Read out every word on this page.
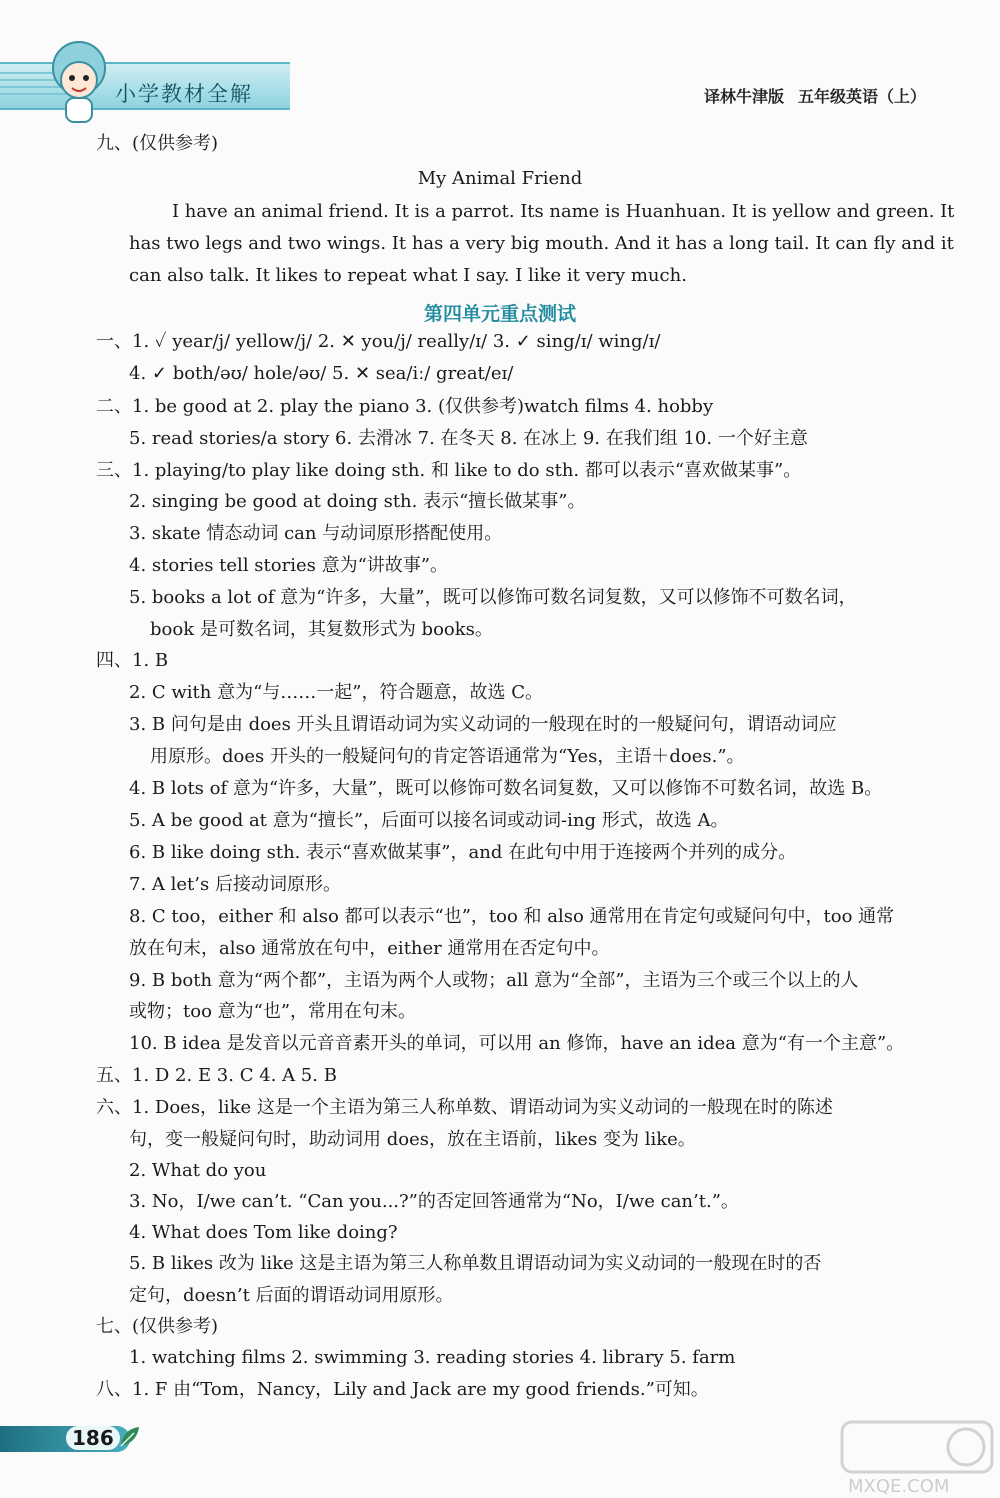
小学教材全解	译林牛津版 五年级英语（上）
九、(仅供参考)
My Animal Friend
I have an animal friend. It is a parrot. Its name is Huanhuan. It is yellow and green. It
has two legs and two wings. It has a very big mouth. And it has a long tail. It can fly and it
can also talk. It likes to repeat what I say. I like it very much.
第四单元重点测试
一、1. ✓ year/j/ yellow/j/ 2. ✕ you/j/ really/ɪ/ 3. ✓ sing/ɪ/ wing/ɪ/
4. ✓ both/əʊ/ hole/əʊ/ 5. ✕ sea/iː/ great/eɪ/
二、1. be good at 2. play the piano 3. (仅供参考)watch films 4. hobby
5. read stories/a story 6. 去滑冰 7. 在冬天 8. 在冰上 9. 在我们组 10. 一个好主意
三、1. playing/to play like doing sth. 和 like to do sth. 都可以表示“喜欢做某事”。
2. singing be good at doing sth. 表示“擅长做某事”。
3. skate 情态动词 can 与动词原形搭配使用。
4. stories tell stories 意为“讲故事”。
5. books a lot of 意为“许多，大量”，既可以修饰可数名词复数，又可以修饰不可数名词，
book 是可数名词，其复数形式为 books。
四、1. B
2. C with 意为“与……一起”，符合题意，故选 C。
3. B 问句是由 does 开头且谓语动词为实义动词的一般现在时的一般疑问句，谓语动词应
用原形。does 开头的一般疑问句的肯定答语通常为“Yes，主语＋does.”。
4. B lots of 意为“许多，大量”，既可以修饰可数名词复数，又可以修饰不可数名词，故选 B。
5. A be good at 意为“擅长”，后面可以接名词或动词-ing 形式，故选 A。
6. B like doing sth. 表示“喜欢做某事”，and 在此句中用于连接两个并列的成分。
7. A let’s 后接动词原形。
8. C too，either 和 also 都可以表示“也”，too 和 also 通常用在肯定句或疑问句中，too 通常
放在句末，also 通常放在句中，either 通常用在否定句中。
9. B both 意为“两个都”，主语为两个人或物；all 意为“全部”，主语为三个或三个以上的人
或物；too 意为“也”，常用在句末。
10. B idea 是发音以元音音素开头的单词，可以用 an 修饰，have an idea 意为“有一个主意”。
五、1. D 2. E 3. C 4. A 5. B
六、1. Does，like 这是一个主语为第三人称单数、谓语动词为实义动词的一般现在时的陈述
句，变一般疑问句时，助动词用 does，放在主语前，likes 变为 like。
2. What do you
3. No，I/we can’t. “Can you...?”的否定回答通常为“No，I/we can’t.”。
4. What does Tom like doing?
5. B likes 改为 like 这是主语为第三人称单数且谓语动词为实义动词的一般现在时的否
定句，doesn’t 后面的谓语动词用原形。
七、(仅供参考)
1. watching films 2. swimming 3. reading stories 4. library 5. farm
八、1. F 由“Tom，Nancy，Lily and Jack are my good friends.”可知。
186
MXQE.COM
